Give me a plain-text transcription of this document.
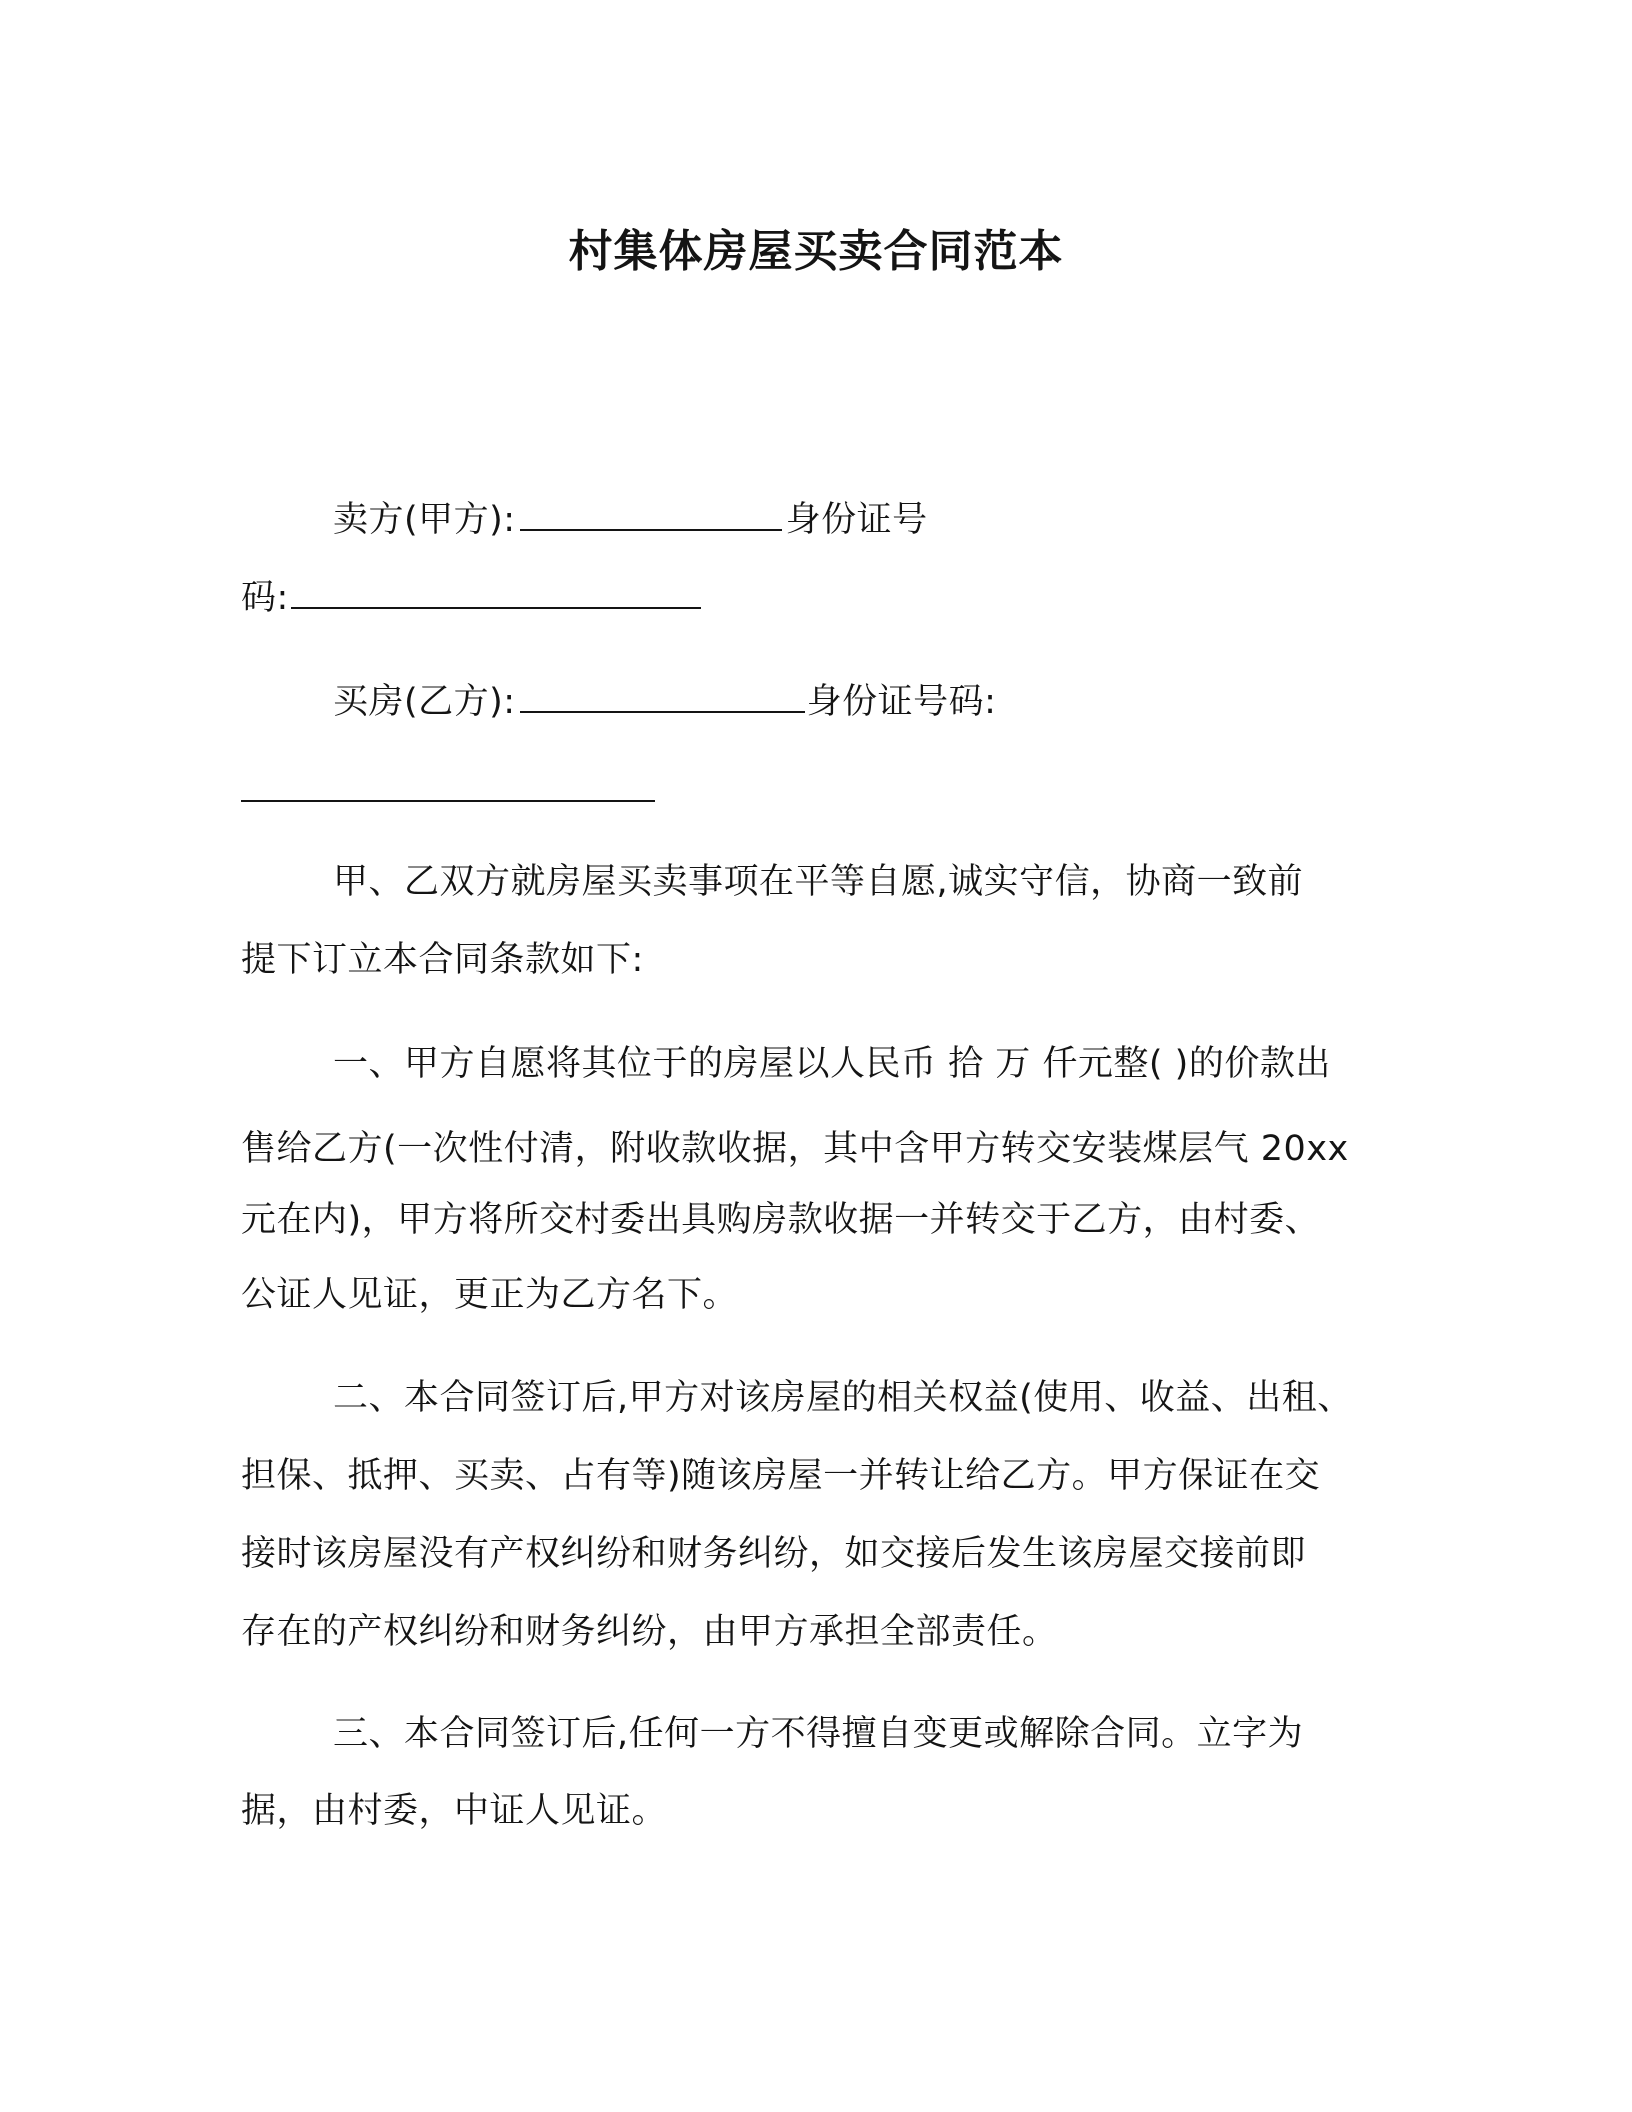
村集体房屋买卖合同范本
卖方(甲方):	身份证号
码:
买房(乙方):	身份证号码:
甲、乙双方就房屋买卖事项在平等自愿,诚实守信，协商一致前
提下订立本合同条款如下:
一、甲方自愿将其位于的房屋以人民币 拾 万 仟元整( )的价款出
售给乙方(一次性付清，附收款收据，其中含甲方转交安装煤层气 20xx
元在内)，甲方将所交村委出具购房款收据一并转交于乙方，由村委、
公证人见证，更正为乙方名下。
二、本合同签订后,甲方对该房屋的相关权益(使用、收益、出租、
担保、抵押、买卖、占有等)随该房屋一并转让给乙方。甲方保证在交
接时该房屋没有产权纠纷和财务纠纷，如交接后发生该房屋交接前即
存在的产权纠纷和财务纠纷，由甲方承担全部责任。
三、本合同签订后,任何一方不得擅自变更或解除合同。立字为
据，由村委，中证人见证。
